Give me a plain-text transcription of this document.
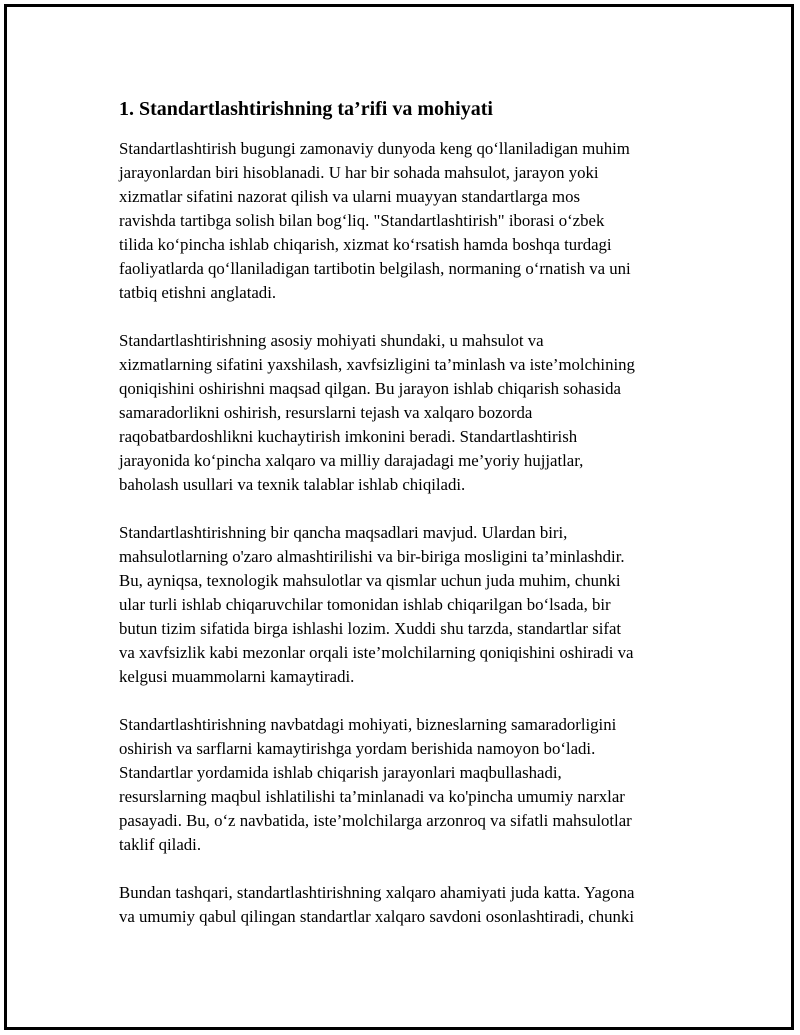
1. Standartlashtirishning ta’rifi va mohiyati

Standartlashtirish bugungi zamonaviy dunyoda keng qo‘llaniladigan muhim
jarayonlardan biri hisoblanadi. U har bir sohada mahsulot, jarayon yoki
xizmatlar sifatini nazorat qilish va ularni muayyan standartlarga mos
ravishda tartibga solish bilan bog‘liq. "Standartlashtirish" iborasi o‘zbek
tilida ko‘pincha ishlab chiqarish, xizmat ko‘rsatish hamda boshqa turdagi
faoliyatlarda qo‘llaniladigan tartibotin belgilash, normaning o‘rnatish va uni
tatbiq etishni anglatadi.

Standartlashtirishning asosiy mohiyati shundaki, u mahsulot va
xizmatlarning sifatini yaxshilash, xavfsizligini ta’minlash va iste’molchining
qoniqishini oshirishni maqsad qilgan. Bu jarayon ishlab chiqarish sohasida
samaradorlikni oshirish, resurslarni tejash va xalqaro bozorda
raqobatbardoshlikni kuchaytirish imkonini beradi. Standartlashtirish
jarayonida ko‘pincha xalqaro va milliy darajadagi me’yoriy hujjatlar,
baholash usullari va texnik talablar ishlab chiqiladi.

Standartlashtirishning bir qancha maqsadlari mavjud. Ulardan biri,
mahsulotlarning o'zaro almashtirilishi va bir-biriga mosligini ta’minlashdir.
Bu, ayniqsa, texnologik mahsulotlar va qismlar uchun juda muhim, chunki
ular turli ishlab chiqaruvchilar tomonidan ishlab chiqarilgan bo‘lsada, bir
butun tizim sifatida birga ishlashi lozim. Xuddi shu tarzda, standartlar sifat
va xavfsizlik kabi mezonlar orqali iste’molchilarning qoniqishini oshiradi va
kelgusi muammolarni kamaytiradi.

Standartlashtirishning navbatdagi mohiyati, bizneslarning samaradorligini
oshirish va sarflarni kamaytirishga yordam berishida namoyon bo‘ladi.
Standartlar yordamida ishlab chiqarish jarayonlari maqbullashadi,
resurslarning maqbul ishlatilishi ta’minlanadi va ko'pincha umumiy narxlar
pasayadi. Bu, o‘z navbatida, iste’molchilarga arzonroq va sifatli mahsulotlar
taklif qiladi.

Bundan tashqari, standartlashtirishning xalqaro ahamiyati juda katta. Yagona
va umumiy qabul qilingan standartlar xalqaro savdoni osonlashtiradi, chunki
